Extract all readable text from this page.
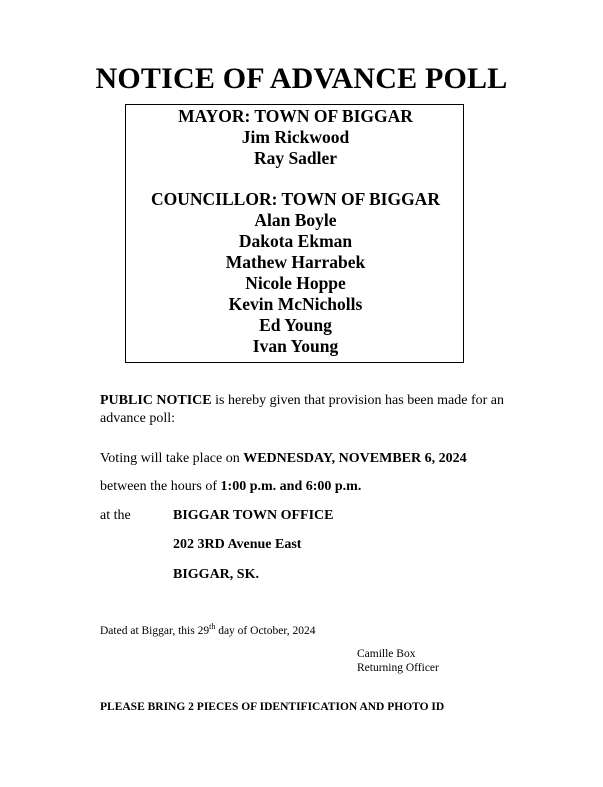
NOTICE OF ADVANCE POLL
MAYOR: TOWN OF BIGGAR
Jim Rickwood
Ray Sadler
COUNCILLOR: TOWN OF BIGGAR
Alan Boyle
Dakota Ekman
Mathew Harrabek
Nicole Hoppe
Kevin McNicholls
Ed Young
Ivan Young
PUBLIC NOTICE is hereby given that provision has been made for an
advance poll:
Voting will take place on WEDNESDAY, NOVEMBER 6, 2024
between the hours of 1:00 p.m. and 6:00 p.m.
at the	BIGGAR TOWN OFFICE
202 3RD Avenue East
BIGGAR, SK.
Dated at Biggar, this 29th day of October, 2024
Camille Box
Returning Officer
PLEASE BRING 2 PIECES OF IDENTIFICATION AND PHOTO ID
